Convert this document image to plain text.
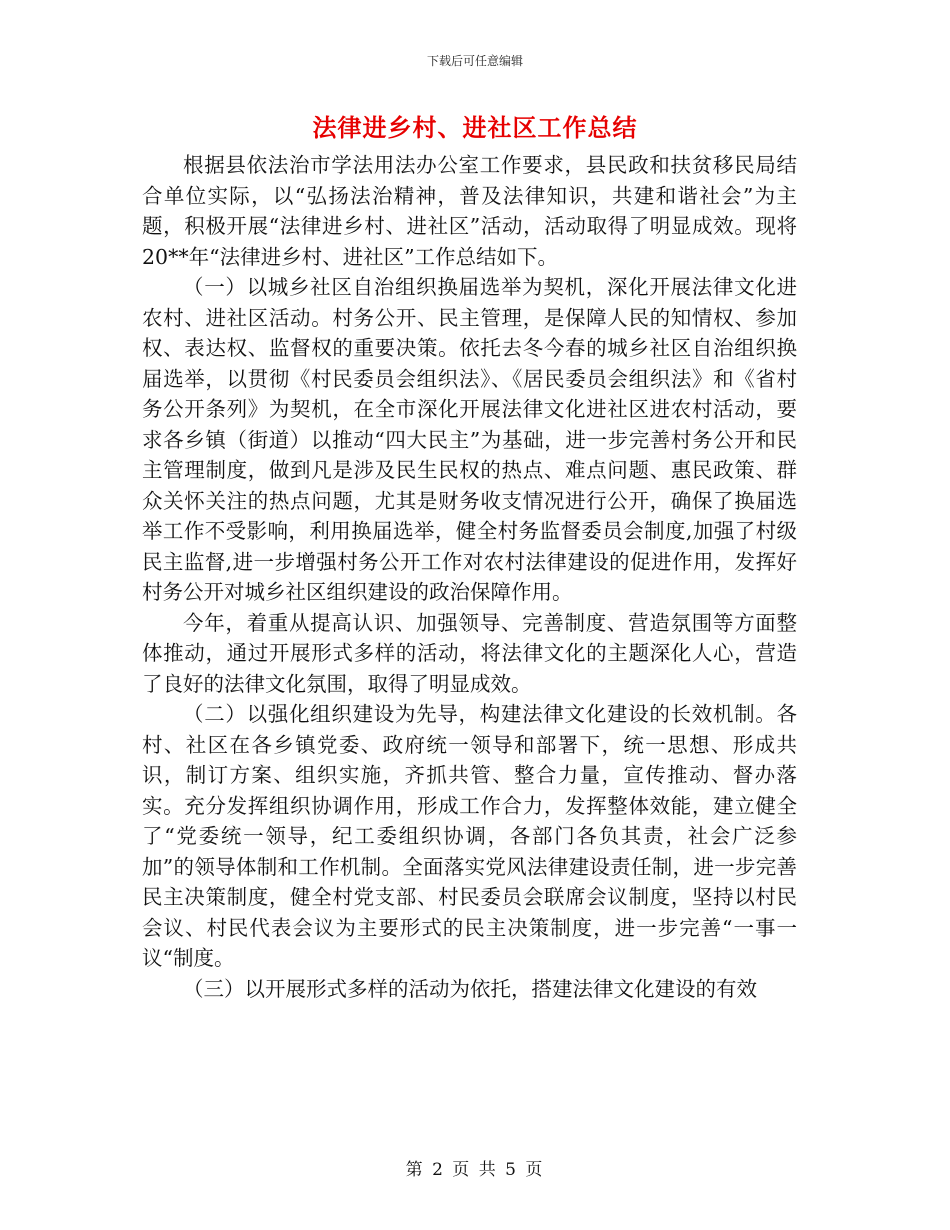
下载后可任意编辑
法律进乡村、进社区工作总结

根据县依法治市学法用法办公室工作要求，县民政和扶贫移民局结合单位实际，以“弘扬法治精神，普及法律知识，共建和谐社会”为主题，积极开展“法律进乡村、进社区”活动，活动取得了明显成效。现将20**年“法律进乡村、进社区”工作总结如下。

（一）以城乡社区自治组织换届选举为契机，深化开展法律文化进农村、进社区活动。村务公开、民主管理，是保障人民的知情权、参加权、表达权、监督权的重要决策。依托去冬今春的城乡社区自治组织换届选举，以贯彻《村民委员会组织法》、《居民委员会组织法》和《省村务公开条列》为契机，在全市深化开展法律文化进社区进农村活动，要求各乡镇（街道）以推动“四大民主”为基础，进一步完善村务公开和民主管理制度，做到凡是涉及民生民权的热点、难点问题、惠民政策、群众关怀关注的热点问题，尤其是财务收支情况进行公开，确保了换届选举工作不受影响，利用换届选举，健全村务监督委员会制度,加强了村级民主监督,进一步增强村务公开工作对农村法律建设的促进作用，发挥好村务公开对城乡社区组织建设的政治保障作用。

今年，着重从提高认识、加强领导、完善制度、营造氛围等方面整体推动，通过开展形式多样的活动，将法律文化的主题深化人心，营造了良好的法律文化氛围，取得了明显成效。

（二）以强化组织建设为先导，构建法律文化建设的长效机制。各村、社区在各乡镇党委、政府统一领导和部署下，统一思想、形成共识，制订方案、组织实施，齐抓共管、整合力量，宣传推动、督办落实。充分发挥组织协调作用，形成工作合力，发挥整体效能，建立健全了“党委统一领导，纪工委组织协调，各部门各负其责，社会广泛参加”的领导体制和工作机制。全面落实党风法律建设责任制，进一步完善民主决策制度，健全村党支部、村民委员会联席会议制度，坚持以村民会议、村民代表会议为主要形式的民主决策制度，进一步完善“一事一议“制度。

（三）以开展形式多样的活动为依托，搭建法律文化建设的有效

第 2 页 共 5 页
